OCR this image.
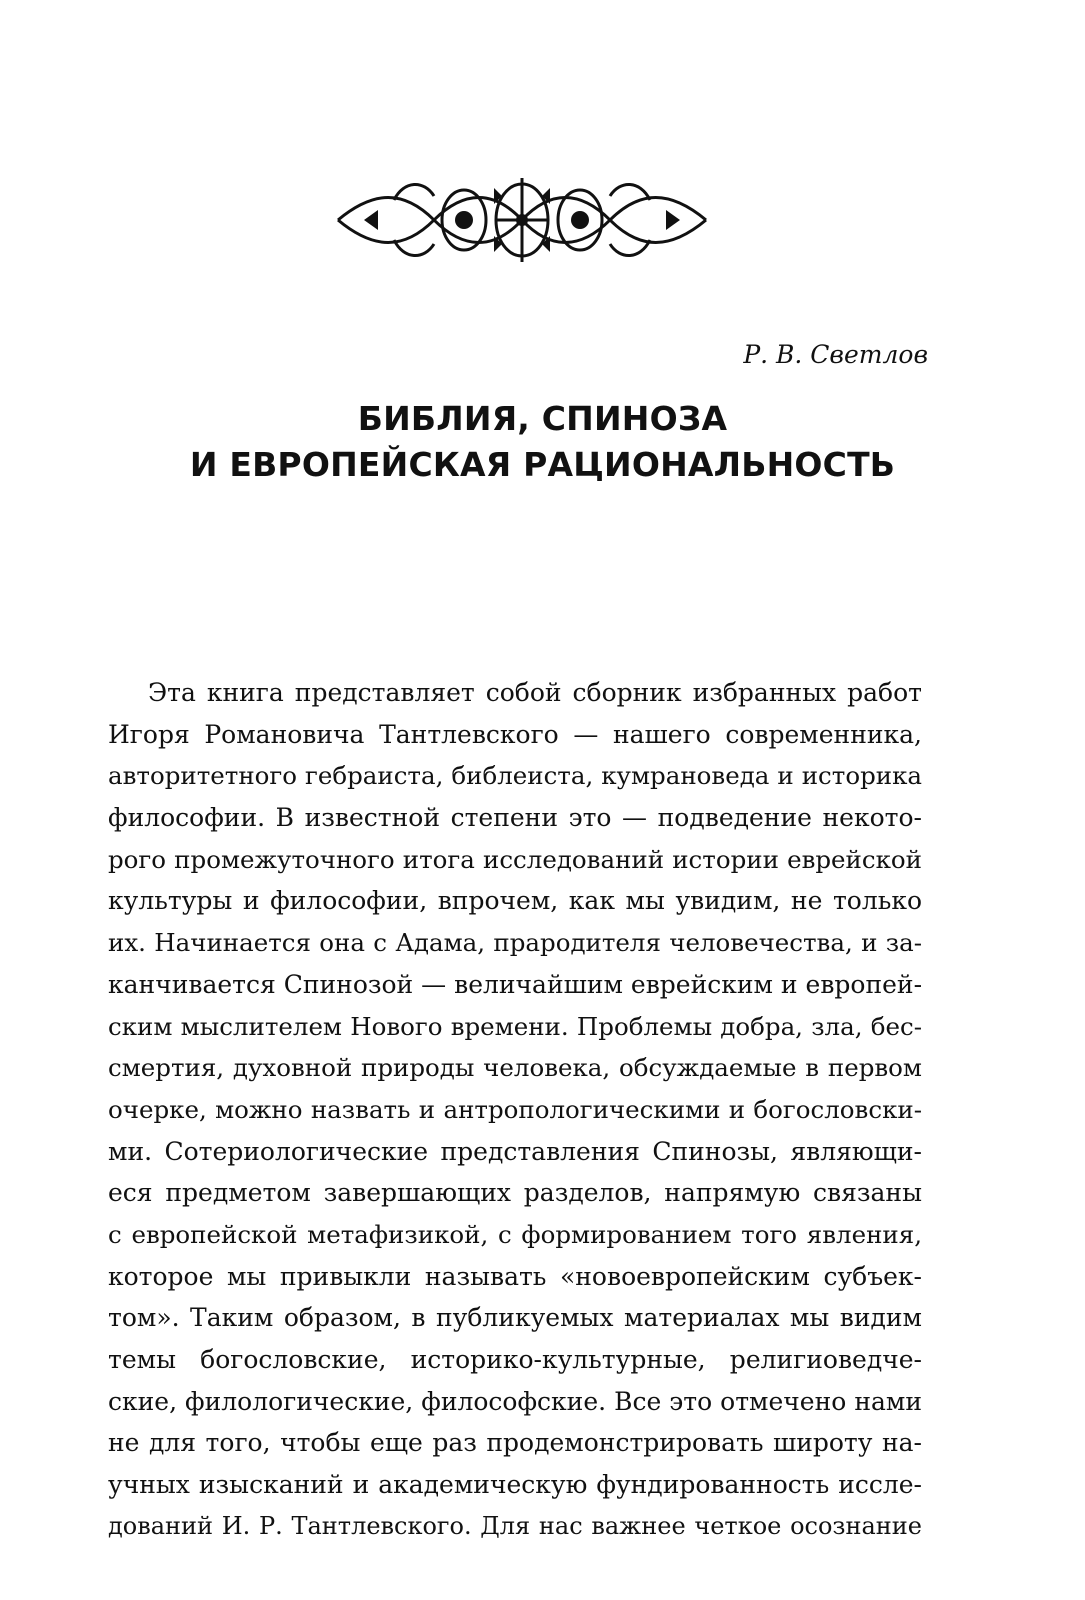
Р. В. Светлов
БИБЛИЯ, СПИНОЗА
И ЕВРОПЕЙСКАЯ РАЦИОНАЛЬНОСТЬ
Эта книга представляет собой сборник избранных работ
Игоря Романовича Тантлевского — нашего современника,
авторитетного гебраиста, библеиста, кумрановеда и историка
философии. В известной степени это — подведение некото-
рого промежуточного итога исследований истории еврейской
культуры и философии, впрочем, как мы увидим, не только
их. Начинается она с Адама, прародителя человечества, и за-
канчивается Спинозой — величайшим еврейским и европей-
ским мыслителем Нового времени. Проблемы добра, зла, бес-
смертия, духовной природы человека, обсуждаемые в первом
очерке, можно назвать и антропологическими и богословски-
ми. Сотериологические представления Спинозы, являющи-
еся предметом завершающих разделов, напрямую связаны
с европейской метафизикой, с формированием того явления,
которое мы привыкли называть «новоевропейским субъек-
том». Таким образом, в публикуемых материалах мы видим
темы богословские, историко-культурные, религиоведче-
ские, филологические, философские. Все это отмечено нами
не для того, чтобы еще раз продемонстрировать широту на-
учных изысканий и академическую фундированность иссле-
дований И. Р. Тантлевского. Для нас важнее четкое осознание
